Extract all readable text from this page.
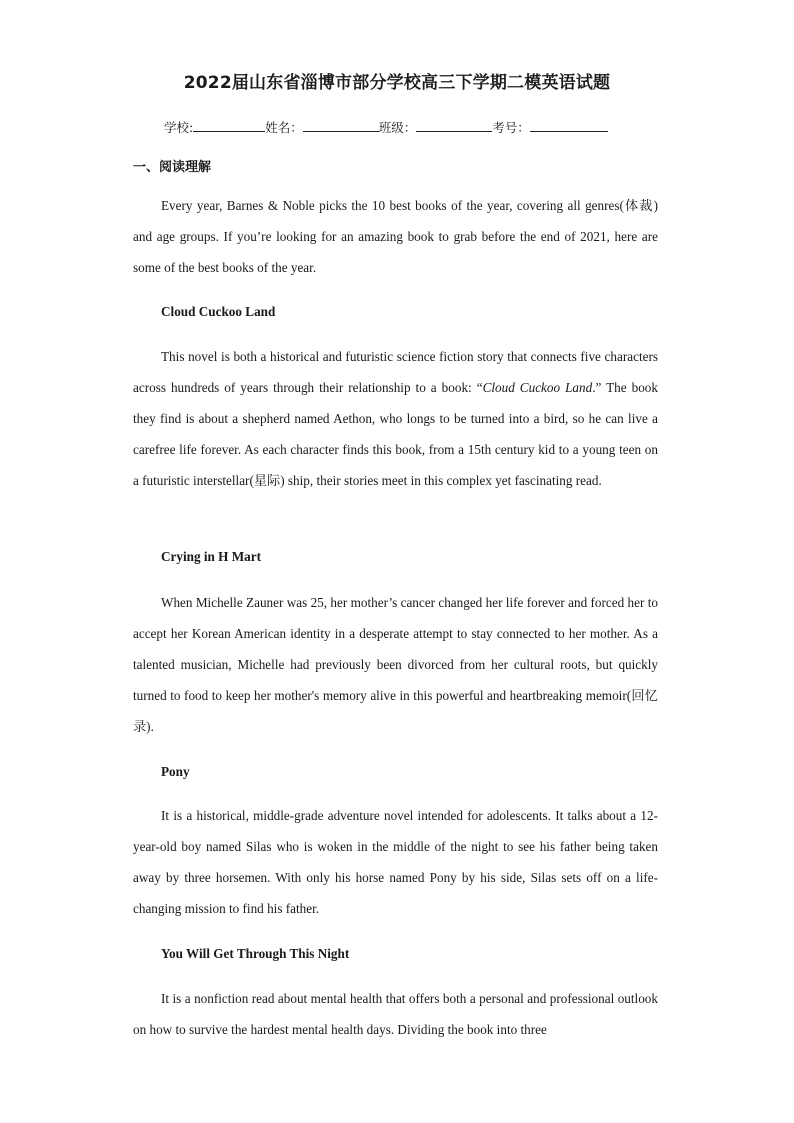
2022届山东省淄博市部分学校高三下学期二模英语试题
学校:	姓名：	班级：	考号：
一、阅读理解
Every year, Barnes & Noble picks the 10 best books of the year, covering all genres(体裁) and age groups. If you’re looking for an amazing book to grab before the end of 2021, here are some of the best books of the year.
Cloud Cuckoo Land
This novel is both a historical and futuristic science fiction story that connects five characters across hundreds of years through their relationship to a book: “Cloud Cuckoo Land.” The book they find is about a shepherd named Aethon, who longs to be turned into a bird, so he can live a carefree life forever. As each character finds this book, from a 15th century kid to a young teen on a futuristic interstellar(星际) ship, their stories meet in this complex yet fascinating read.
Crying in H Mart
When Michelle Zauner was 25, her mother’s cancer changed her life forever and forced her to accept her Korean American identity in a desperate attempt to stay connected to her mother. As a talented musician, Michelle had previously been divorced from her cultural roots, but quickly turned to food to keep her mother's memory alive in this powerful and heartbreaking memoir(回忆录).
Pony
It is a historical, middle-grade adventure novel intended for adolescents. It talks about a 12-year-old boy named Silas who is woken in the middle of the night to see his father being taken away by three horsemen. With only his horse named Pony by his side, Silas sets off on a life-changing mission to find his father.
You Will Get Through This Night
It is a nonfiction read about mental health that offers both a personal and professional outlook on how to survive the hardest mental health days. Dividing the book into three
